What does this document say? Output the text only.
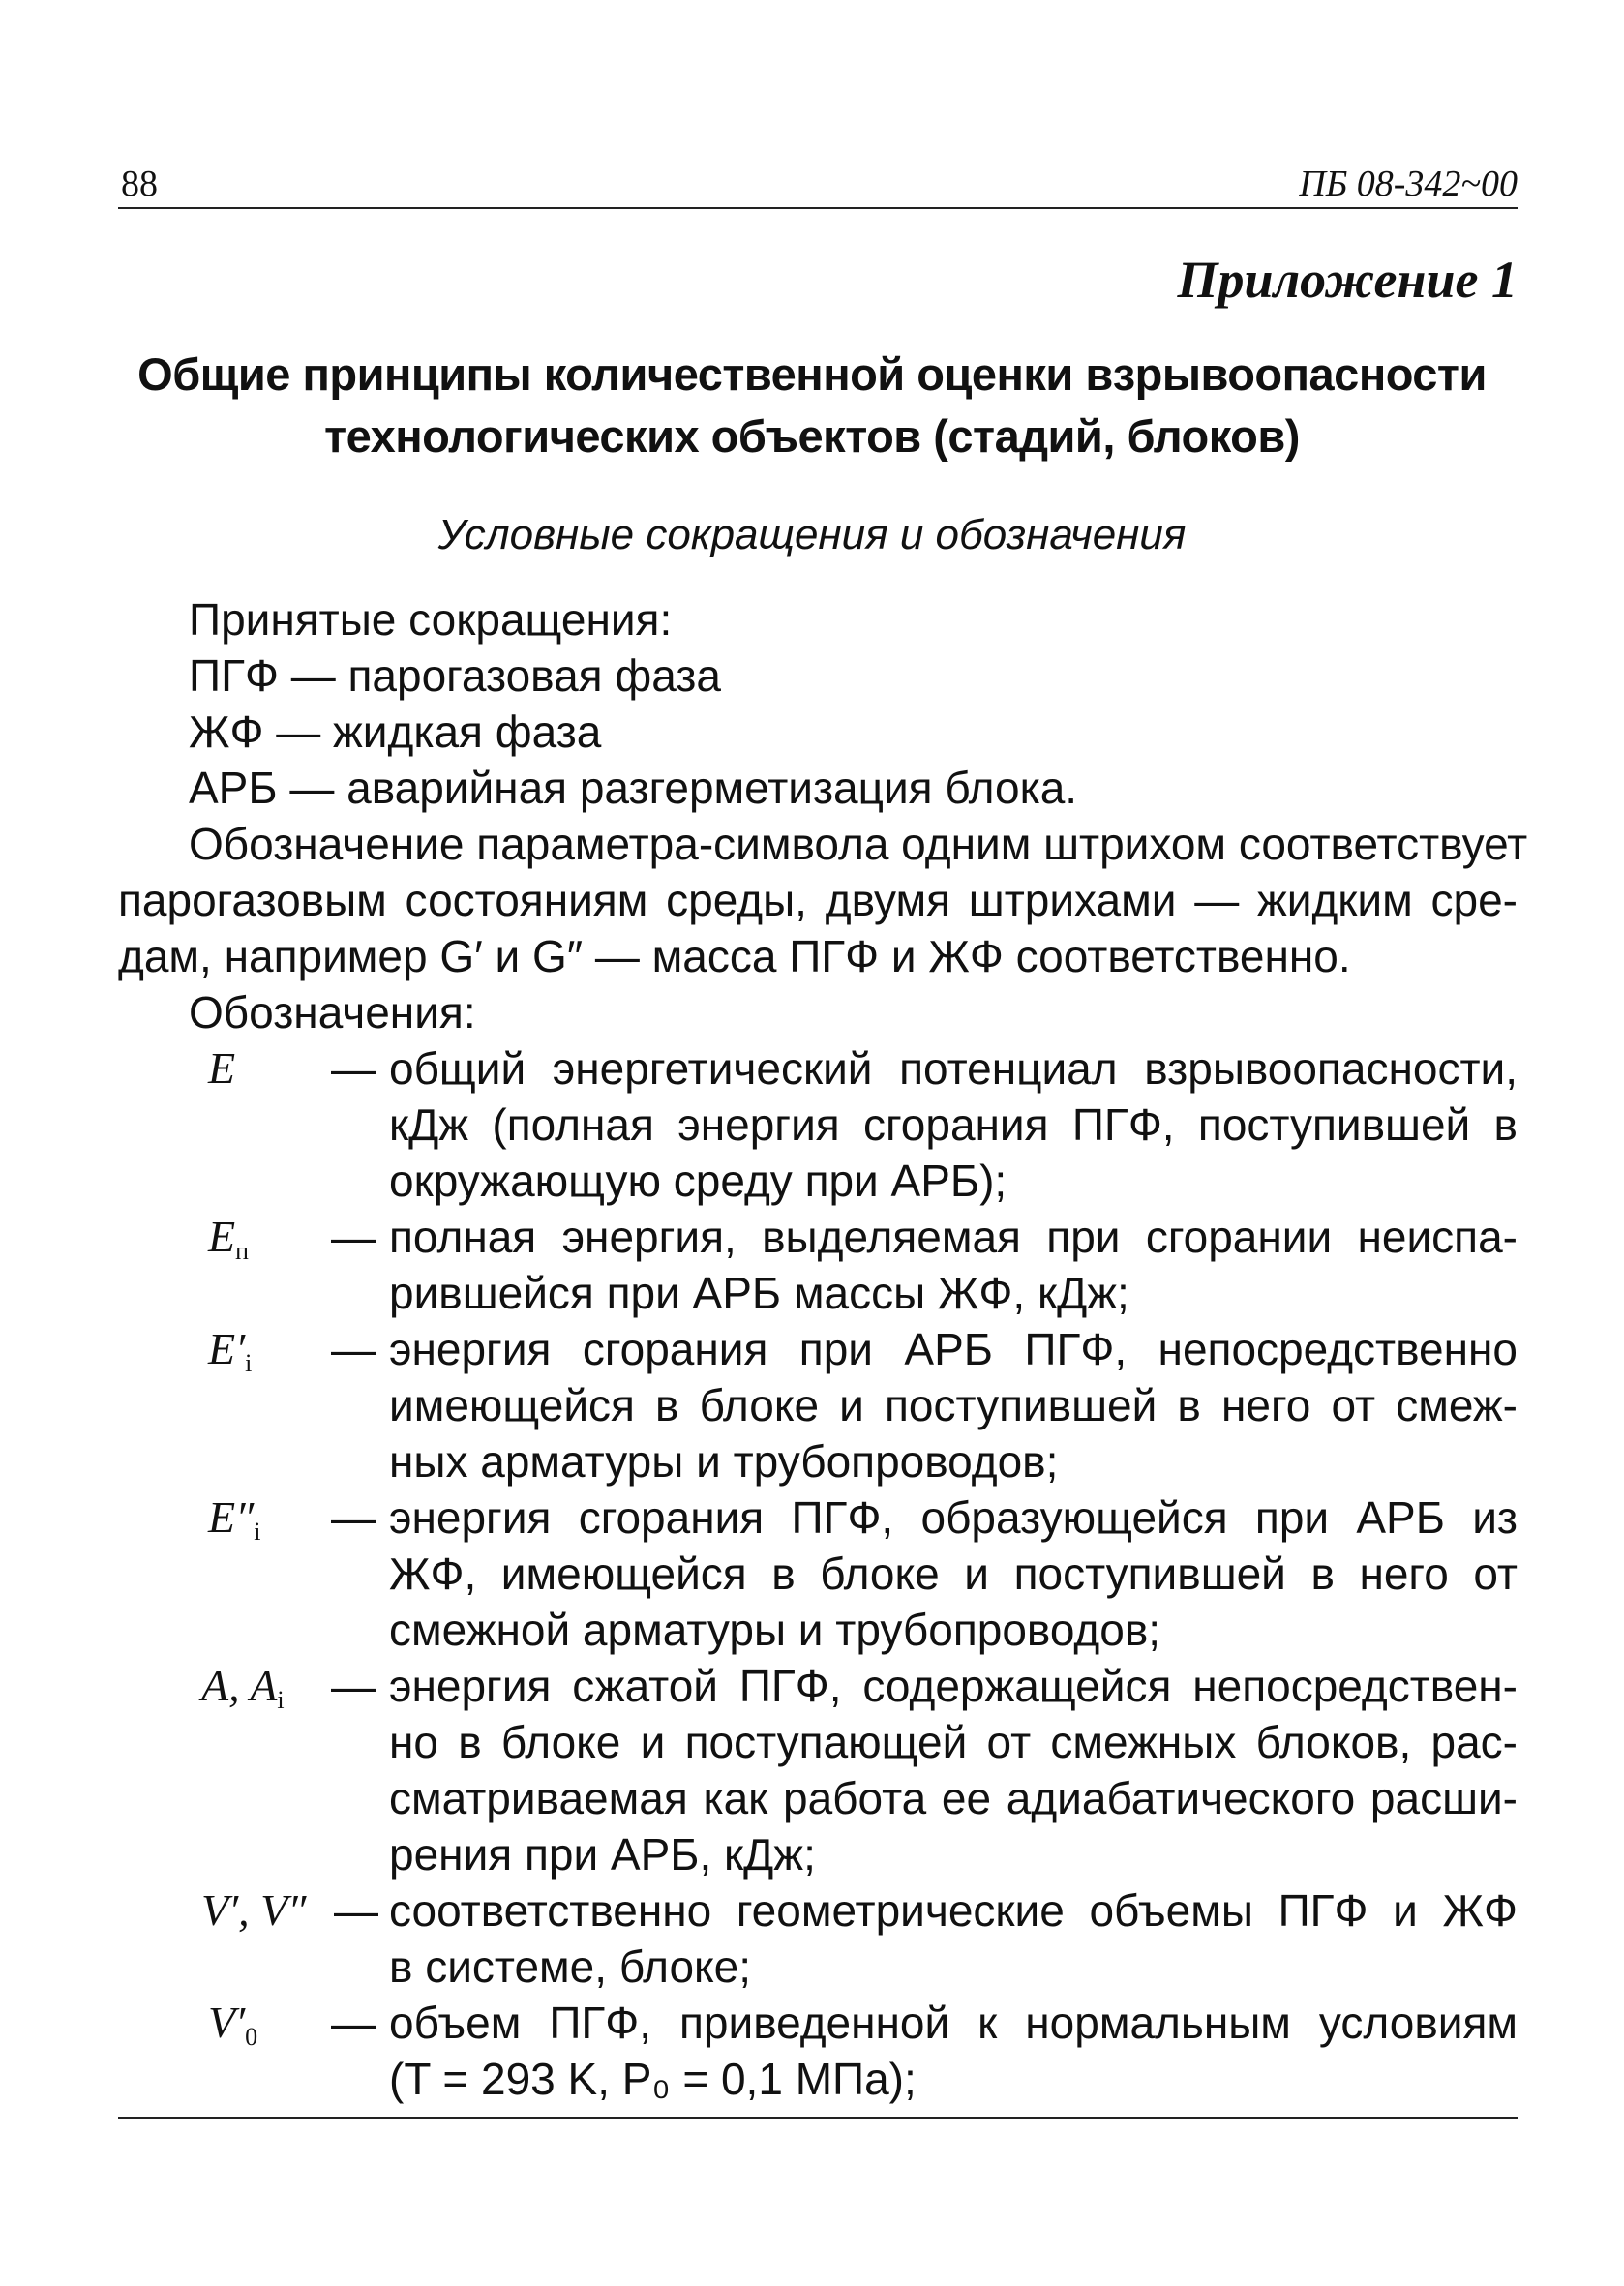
88	ПБ 08-342~00
Приложение 1
Общие принципы количественной оценки взрывоопасности
технологических объектов (стадий, блоков)
Условные сокращения и обозначения
Принятые сокращения:
ПГФ — парогазовая фаза
ЖФ — жидкая фаза
АРБ — аварийная разгерметизация блока.
Обозначение параметра-символа одним штрихом соответствует
парогазовым состояниям среды, двумя штрихами — жидким сре-
дам, например G′ и G″ — масса ПГФ и ЖФ соответственно.
Обозначения:
E — общий энергетический потенциал взрывоопасности,
кДж (полная энергия сгорания ПГФ, поступившей в
окружающую среду при АРБ);
$E_п$ — полная энергия, выделяемая при сгорании неиспа-
рившейся при АРБ массы ЖФ, кДж;
$E'_i$ — энергия сгорания при АРБ ПГФ, непосредственно
имеющейся в блоке и поступившей в него от смеж-
ных арматуры и трубопроводов;
$E''_i$ — энергия сгорания ПГФ, образующейся при АРБ из
ЖФ, имеющейся в блоке и поступившей в него от
смежной арматуры и трубопроводов;
A, $A_i$ — энергия сжатой ПГФ, содержащейся непосредствен-
но в блоке и поступающей от смежных блоков, рас-
сматриваемая как работа ее адиабатического расши-
рения при АРБ, кДж;
V′, V″ — соответственно геометрические объемы ПГФ и ЖФ
в системе, блоке;
$V'_0$ — объем ПГФ, приведенной к нормальным условиям
(T = 293 K, P₀ = 0,1 МПа);
